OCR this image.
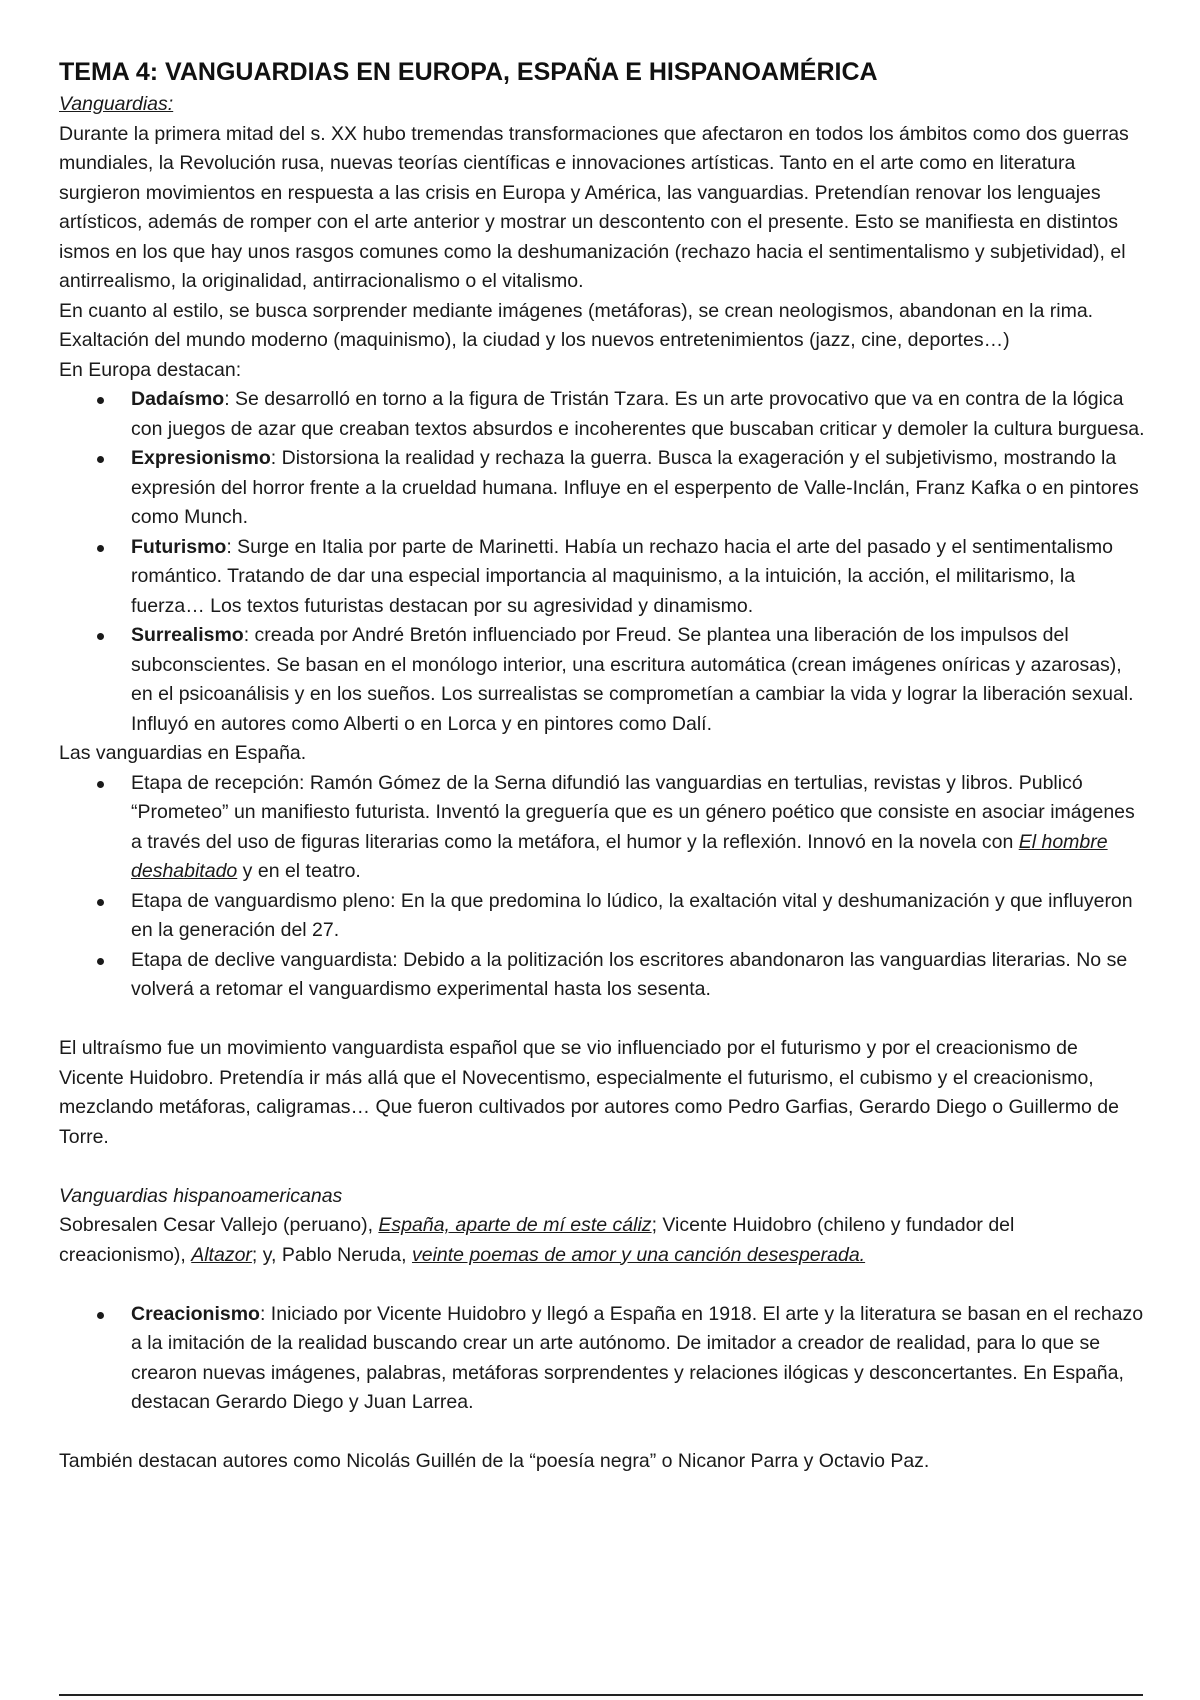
TEMA 4: VANGUARDIAS EN EUROPA, ESPAÑA E HISPANOAMÉRICA

Vanguardias:

Durante la primera mitad del s. XX hubo tremendas transformaciones que afectaron en todos los ámbitos como dos guerras mundiales, la Revolución rusa, nuevas teorías científicas e innovaciones artísticas. Tanto en el arte como en literatura surgieron movimientos en respuesta a las crisis en Europa y América, las vanguardias. Pretendían renovar los lenguajes artísticos, además de romper con el arte anterior y mostrar un descontento con el presente. Esto se manifiesta en distintos ismos en los que hay unos rasgos comunes como la deshumanización (rechazo hacia el sentimentalismo y subjetividad), el antirrealismo, la originalidad, antirracionalismo o el vitalismo.

En cuanto al estilo, se busca sorprender mediante imágenes (metáforas), se crean neologismos, abandonan en la rima. Exaltación del mundo moderno (maquinismo), la ciudad y los nuevos entretenimientos (jazz, cine, deportes…)

En Europa destacan:

Dadaísmo: Se desarrolló en torno a la figura de Tristán Tzara. Es un arte provocativo que va en contra de la lógica con juegos de azar que creaban textos absurdos e incoherentes que buscaban criticar y demoler la cultura burguesa.
Expresionismo: Distorsiona la realidad y rechaza la guerra. Busca la exageración y el subjetivismo, mostrando la expresión del horror frente a la crueldad humana. Influye en el esperpento de Valle-Inclán, Franz Kafka o en pintores como Munch.
Futurismo: Surge en Italia por parte de Marinetti. Había un rechazo hacia el arte del pasado y el sentimentalismo romántico. Tratando de dar una especial importancia al maquinismo, a la intuición, la acción, el militarismo, la fuerza… Los textos futuristas destacan por su agresividad y dinamismo.
Surrealismo: creada por André Bretón influenciado por Freud. Se plantea una liberación de los impulsos del subconscientes. Se basan en el monólogo interior, una escritura automática (crean imágenes oníricas y azarosas), en el psicoanálisis y en los sueños. Los surrealistas se comprometían a cambiar la vida y lograr la liberación sexual. Influyó en autores como Alberti o en Lorca y en pintores como Dalí.

Las vanguardias en España.

Etapa de recepción: Ramón Gómez de la Serna difundió las vanguardias en tertulias, revistas y libros. Publicó “Prometeo” un manifiesto futurista. Inventó la greguería que es un género poético que consiste en asociar imágenes a través del uso de figuras literarias como la metáfora, el humor y la reflexión. Innovó en la novela con El hombre deshabitado y en el teatro.
Etapa de vanguardismo pleno: En la que predomina lo lúdico, la exaltación vital y deshumanización y que influyeron en la generación del 27.
Etapa de declive vanguardista: Debido a la politización los escritores abandonaron las vanguardias literarias. No se volverá a retomar el vanguardismo experimental hasta los sesenta.

El ultraísmo fue un movimiento vanguardista español que se vio influenciado por el futurismo y por el creacionismo de Vicente Huidobro. Pretendía ir más allá que el Novecentismo, especialmente el futurismo, el cubismo y el creacionismo, mezclando metáforas, caligramas… Que fueron cultivados por autores como Pedro Garfias, Gerardo Diego o Guillermo de Torre.

Vanguardias hispanoamericanas

Sobresalen Cesar Vallejo (peruano), España, aparte de mí este cáliz; Vicente Huidobro (chileno y fundador del creacionismo), Altazor; y, Pablo Neruda, veinte poemas de amor y una canción desesperada.

Creacionismo: Iniciado por Vicente Huidobro y llegó a España en 1918. El arte y la literatura se basan en el rechazo a la imitación de la realidad buscando crear un arte autónomo. De imitador a creador de realidad, para lo que se crearon nuevas imágenes, palabras, metáforas sorprendentes y relaciones ilógicas y desconcertantes. En España, destacan Gerardo Diego y Juan Larrea.

También destacan autores como Nicolás Guillén de la “poesía negra” o Nicanor Parra y Octavio Paz.
